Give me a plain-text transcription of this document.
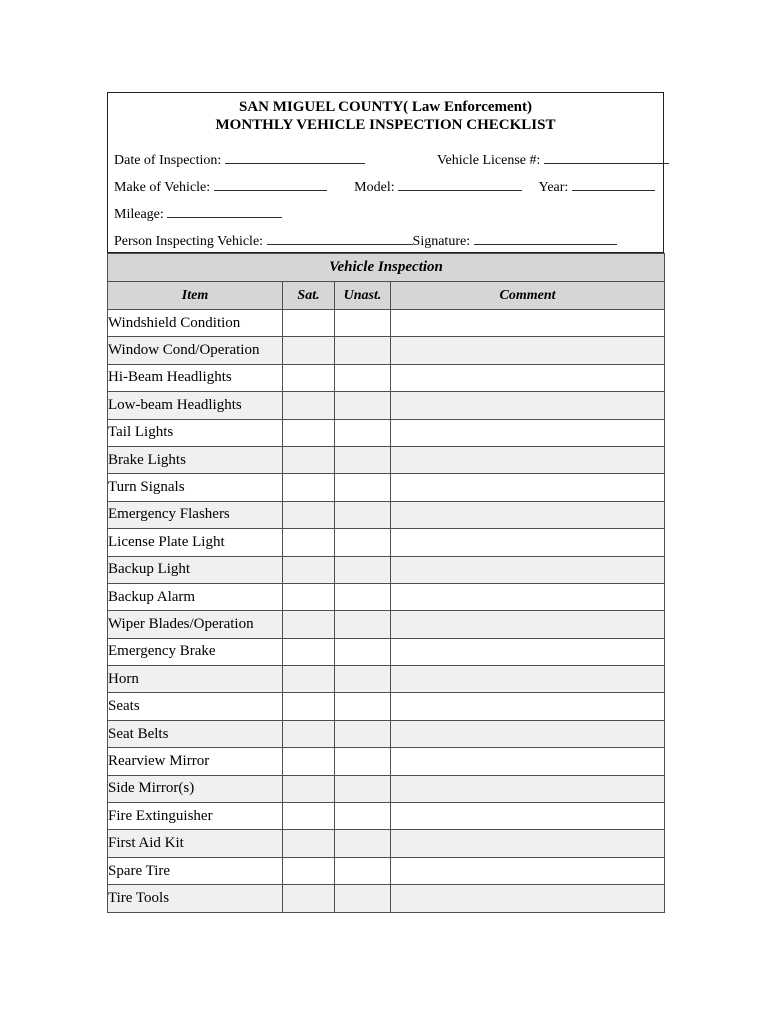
SAN MIGUEL COUNTY( Law Enforcement)
MONTHLY VEHICLE INSPECTION CHECKLIST
Date of Inspection:	Vehicle License #:
Make of Vehicle:	Model:	Year:
Mileage:
Person Inspecting Vehicle:	Signature:
Vehicle Inspection			
Item	Sat.	Unast.	Comment
Windshield Condition			
Window Cond/Operation			
Hi-Beam Headlights			
Low-beam Headlights			
Tail Lights			
Brake Lights			
Turn Signals			
Emergency Flashers			
License Plate Light			
Backup Light			
Backup Alarm			
Wiper Blades/Operation			
Emergency Brake			
Horn			
Seats			
Seat Belts			
Rearview Mirror			
Side Mirror(s)			
Fire Extinguisher			
First Aid Kit			
Spare Tire			
Tire Tools			
